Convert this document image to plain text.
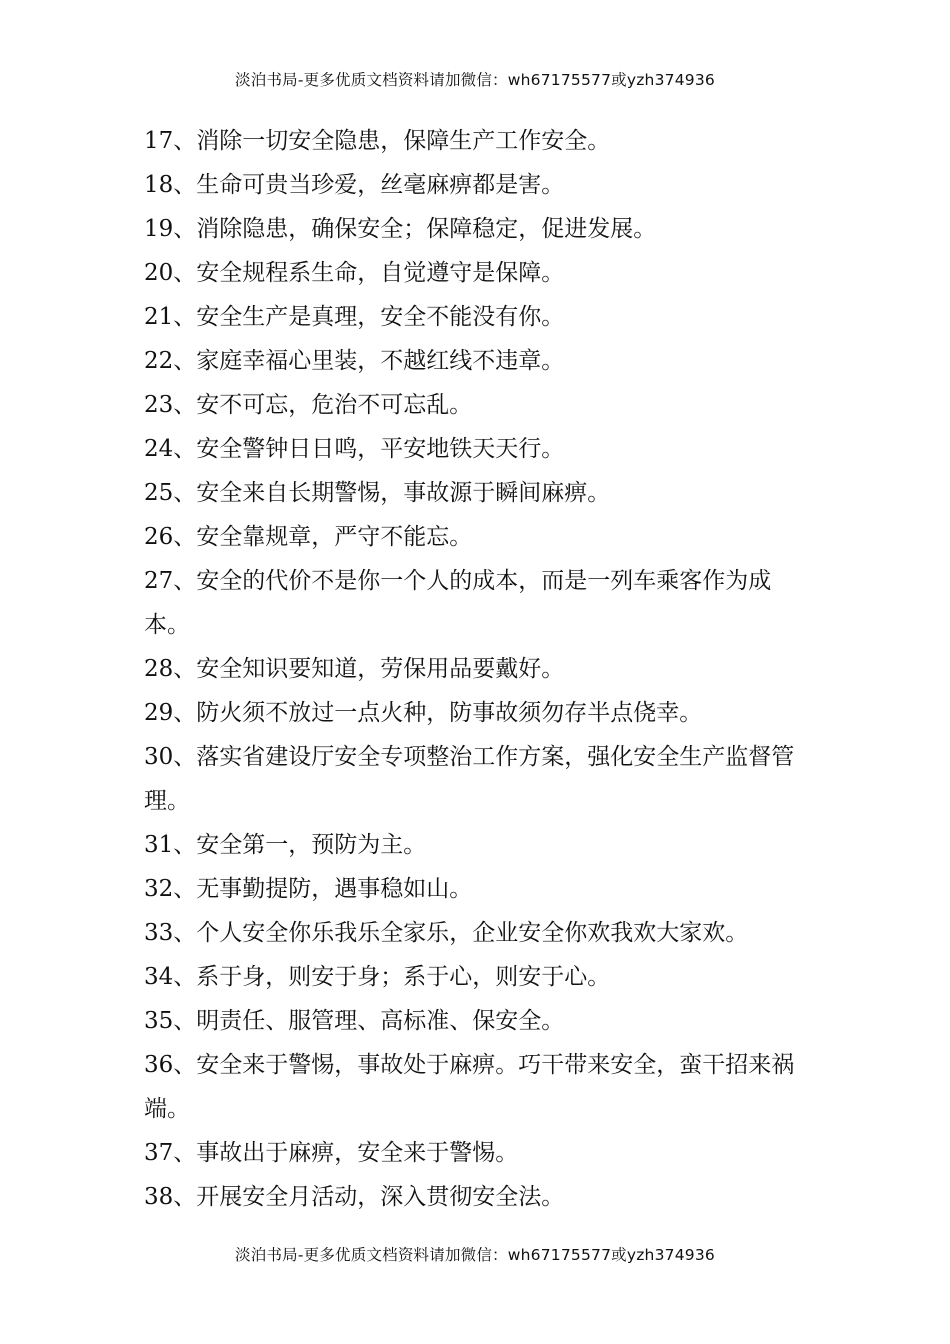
淡泊书局-更多优质文档资料请加微信：wh67175577或yzh374936

17、消除一切安全隐患，保障生产工作安全。

18、生命可贵当珍爱，丝毫麻痹都是害。

19、消除隐患，确保安全；保障稳定，促进发展。

20、安全规程系生命，自觉遵守是保障。

21、安全生产是真理，安全不能没有你。

22、家庭幸福心里装，不越红线不违章。

23、安不可忘，危治不可忘乱。

24、安全警钟日日鸣，平安地铁天天行。

25、安全来自长期警惕，事故源于瞬间麻痹。

26、安全靠规章，严守不能忘。

27、安全的代价不是你一个人的成本，而是一列车乘客作为成本。

28、安全知识要知道，劳保用品要戴好。

29、防火须不放过一点火种，防事故须勿存半点侥幸。

30、落实省建设厅安全专项整治工作方案，强化安全生产监督管理。

31、安全第一，预防为主。

32、无事勤提防，遇事稳如山。

33、个人安全你乐我乐全家乐，企业安全你欢我欢大家欢。

34、系于身，则安于身；系于心，则安于心。

35、明责任、服管理、高标准、保安全。

36、安全来于警惕，事故处于麻痹。巧干带来安全，蛮干招来祸端。

37、事故出于麻痹，安全来于警惕。

38、开展安全月活动，深入贯彻安全法。

淡泊书局-更多优质文档资料请加微信：wh67175577或yzh374936
